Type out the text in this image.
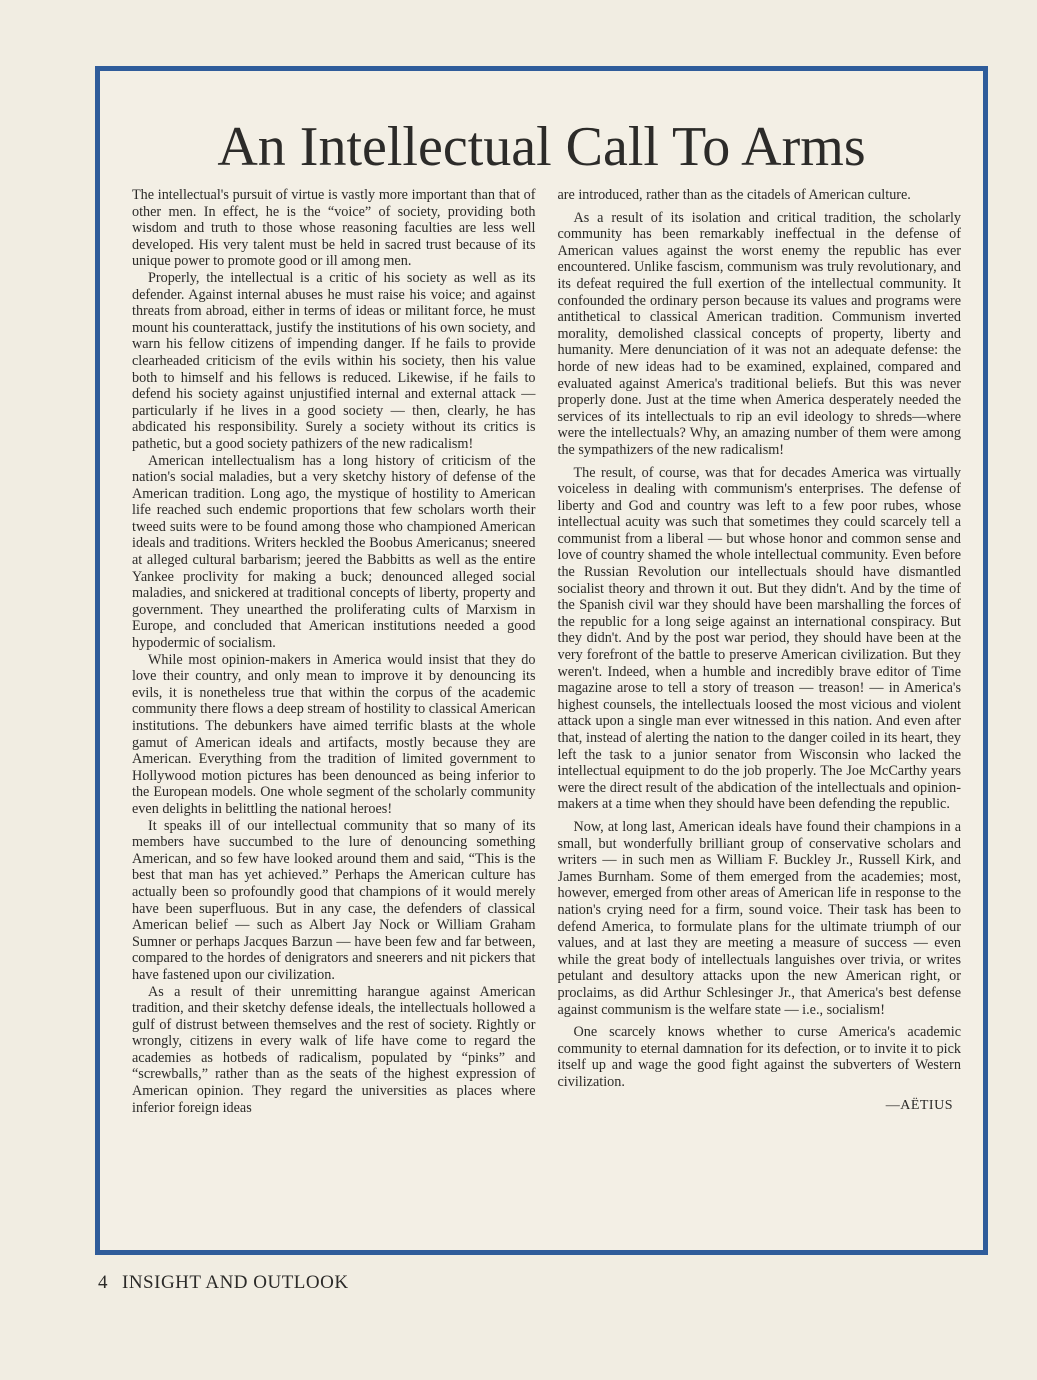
An Intellectual Call To Arms

The intellectual's pursuit of virtue is vastly more important than that of other men. In effect, he is the “voice” of society, providing both wisdom and truth to those whose reasoning faculties are less well developed. His very talent must be held in sacred trust because of its unique power to promote good or ill among men.

Properly, the intellectual is a critic of his society as well as its defender. Against internal abuses he must raise his voice; and against threats from abroad, either in terms of ideas or militant force, he must mount his counterattack, justify the institutions of his own society, and warn his fellow citizens of impending danger. If he fails to provide clearheaded criticism of the evils within his society, then his value both to himself and his fellows is reduced. Likewise, if he fails to defend his society against unjustified internal and external attack — particularly if he lives in a good society — then, clearly, he has abdicated his responsibility. Surely a society without its critics is pathetic, but a good society pathizers of the new radicalism!

American intellectualism has a long history of criticism of the nation's social maladies, but a very sketchy history of defense of the American tradition. Long ago, the mystique of hostility to American life reached such endemic proportions that few scholars worth their tweed suits were to be found among those who championed American ideals and traditions. Writers heckled the Boobus Americanus; sneered at alleged cultural barbarism; jeered the Babbitts as well as the entire Yankee proclivity for making a buck; denounced alleged social maladies, and snickered at traditional concepts of liberty, property and government. They unearthed the proliferating cults of Marxism in Europe, and concluded that American institutions needed a good hypodermic of socialism.

While most opinion-makers in America would insist that they do love their country, and only mean to improve it by denouncing its evils, it is nonetheless true that within the corpus of the academic community there flows a deep stream of hostility to classical American institutions. The debunkers have aimed terrific blasts at the whole gamut of American ideals and artifacts, mostly because they are American. Everything from the tradition of limited government to Hollywood motion pictures has been denounced as being inferior to the European models. One whole segment of the scholarly community even delights in belittling the national heroes!

It speaks ill of our intellectual community that so many of its members have succumbed to the lure of denouncing something American, and so few have looked around them and said, “This is the best that man has yet achieved.” Perhaps the American culture has actually been so profoundly good that champions of it would merely have been superfluous. But in any case, the defenders of classical American belief — such as Albert Jay Nock or William Graham Sumner or perhaps Jacques Barzun — have been few and far between, compared to the hordes of denigrators and sneerers and nit pickers that have fastened upon our civilization.

As a result of their unremitting harangue against American tradition, and their sketchy defense ideals, the intellectuals hollowed a gulf of distrust between themselves and the rest of society. Rightly or wrongly, citizens in every walk of life have come to regard the academies as hotbeds of radicalism, populated by “pinks” and “screwballs,” rather than as the seats of the highest expression of American opinion. They regard the universities as places where inferior foreign ideas

are introduced, rather than as the citadels of American culture.

As a result of its isolation and critical tradition, the scholarly community has been remarkably ineffectual in the defense of American values against the worst enemy the republic has ever encountered. Unlike fascism, communism was truly revolutionary, and its defeat required the full exertion of the intellectual community. It confounded the ordinary person because its values and programs were antithetical to classical American tradition. Communism inverted morality, demolished classical concepts of property, liberty and humanity. Mere denunciation of it was not an adequate defense: the horde of new ideas had to be examined, explained, compared and evaluated against America's traditional beliefs. But this was never properly done. Just at the time when America desperately needed the services of its intellectuals to rip an evil ideology to shreds—where were the intellectuals? Why, an amazing number of them were among the sympathizers of the new radicalism!

The result, of course, was that for decades America was virtually voiceless in dealing with communism's enterprises. The defense of liberty and God and country was left to a few poor rubes, whose intellectual acuity was such that sometimes they could scarcely tell a communist from a liberal — but whose honor and common sense and love of country shamed the whole intellectual community. Even before the Russian Revolution our intellectuals should have dismantled socialist theory and thrown it out. But they didn't. And by the time of the Spanish civil war they should have been marshalling the forces of the republic for a long seige against an international conspiracy. But they didn't. And by the post war period, they should have been at the very forefront of the battle to preserve American civilization. But they weren't. Indeed, when a humble and incredibly brave editor of Time magazine arose to tell a story of treason — treason! — in America's highest counsels, the intellectuals loosed the most vicious and violent attack upon a single man ever witnessed in this nation. And even after that, instead of alerting the nation to the danger coiled in its heart, they left the task to a junior senator from Wisconsin who lacked the intellectual equipment to do the job properly. The Joe McCarthy years were the direct result of the abdication of the intellectuals and opinion-makers at a time when they should have been defending the republic.

Now, at long last, American ideals have found their champions in a small, but wonderfully brilliant group of conservative scholars and writers — in such men as William F. Buckley Jr., Russell Kirk, and James Burnham. Some of them emerged from the academies; most, however, emerged from other areas of American life in response to the nation's crying need for a firm, sound voice. Their task has been to defend America, to formulate plans for the ultimate triumph of our values, and at last they are meeting a measure of success — even while the great body of intellectuals languishes over trivia, or writes petulant and desultory attacks upon the new American right, or proclaims, as did Arthur Schlesinger Jr., that America's best defense against communism is the welfare state — i.e., socialism!

One scarcely knows whether to curse America's academic community to eternal damnation for its defection, or to invite it to pick itself up and wage the good fight against the subverters of Western civilization.

—AËTIUS
4 INSIGHT AND OUTLOOK
